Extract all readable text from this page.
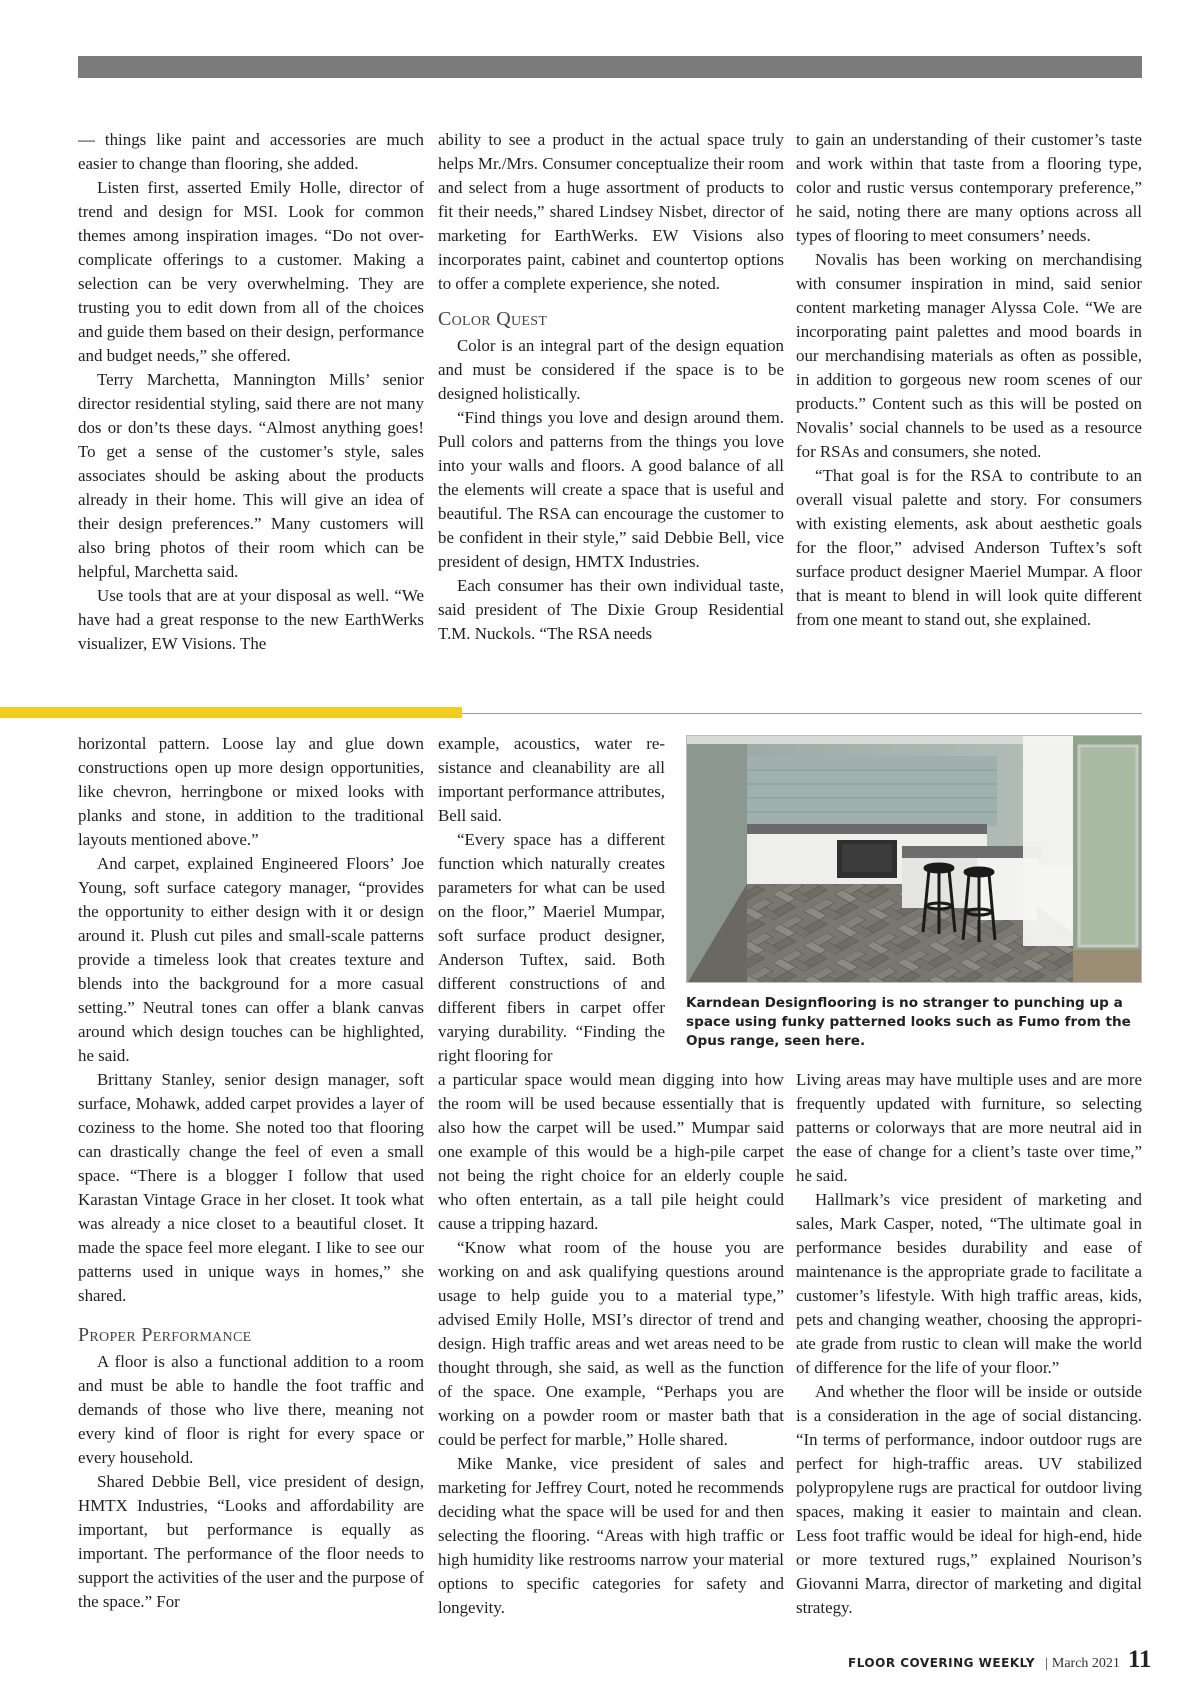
— things like paint and accessories are much easier to change than flooring, she added.

Listen first, asserted Emily Holle, director of trend and design for MSI. Look for common themes among inspiration images. “Do not over-complicate offerings to a customer. Making a selection can be very overwhelming. They are trusting you to edit down from all of the choices and guide them based on their design, performance and budget needs,” she offered.

Terry Marchetta, Mannington Mills’ senior director residential styling, said there are not many dos or don’ts these days. “Almost anything goes! To get a sense of the customer’s style, sales associates should be asking about the products already in their home. This will give an idea of their design preferences.” Many customers will also bring photos of their room which can be helpful, Marchetta said.

Use tools that are at your disposal as well. “We have had a great response to the new EarthWerks visualizer, EW Visions. The

ability to see a product in the actual space truly helps Mr./Mrs. Consumer conceptualize their room and select from a huge assortment of products to fit their needs,” shared Lindsey Nisbet, director of marketing for EarthWerks. EW Visions also incorporates paint, cabinet and countertop options to offer a complete experience, she noted.

Color Quest

Color is an integral part of the design equation and must be considered if the space is to be designed holistically.

“Find things you love and design around them. Pull colors and patterns from the things you love into your walls and floors. A good balance of all the elements will create a space that is useful and beautiful. The RSA can encourage the customer to be confident in their style,” said Debbie Bell, vice president of design, HMTX Industries.

Each consumer has their own individual taste, said president of The Dixie Group Residential T.M. Nuckols. “The RSA needs

to gain an understanding of their customer’s taste and work within that taste from a flooring type, color and rustic versus contemporary preference,” he said, noting there are many options across all types of flooring to meet consumers’ needs.

Novalis has been working on merchandising with consumer inspiration in mind, said senior content marketing manager Alyssa Cole. “We are incorporating paint palettes and mood boards in our merchandising materials as often as possible, in addition to gorgeous new room scenes of our products.” Content such as this will be posted on Novalis’ social channels to be used as a resource for RSAs and consumers, she noted.

“That goal is for the RSA to contribute to an overall visual palette and story. For consumers with existing elements, ask about aesthetic goals for the floor,” advised Anderson Tuftex’s soft surface product designer Maeriel Mumpar. A floor that is meant to blend in will look quite different from one meant to stand out, she explained.

horizontal pattern. Loose lay and glue down constructions open up more design opportunities, like chevron, herringbone or mixed looks with planks and stone, in addition to the traditional layouts mentioned above.”

And carpet, explained Engineered Floors’ Joe Young, soft surface category manager, “provides the opportunity to either design with it or design around it. Plush cut piles and small-scale patterns provide a timeless look that creates texture and blends into the background for a more casual setting.” Neutral tones can offer a blank canvas around which design touches can be highlighted, he said.

Brittany Stanley, senior design manager, soft surface, Mohawk, added carpet provides a layer of coziness to the home. She noted too that flooring can drastically change the feel of even a small space. “There is a blogger I follow that used Karastan Vintage Grace in her closet. It took what was already a nice closet to a beautiful closet. It made the space feel more elegant. I like to see our patterns used in unique ways in homes,” she shared.

Proper Performance

A floor is also a functional addition to a room and must be able to handle the foot traffic and demands of those who live there, meaning not every kind of floor is right for every space or every household.

Shared Debbie Bell, vice president of design, HMTX Industries, “Looks and affordability are important, but performance is equally as important. The performance of the floor needs to support the activities of the user and the purpose of the space.” For

example, acoustics, water resistance and cleanability are all important performance attributes, Bell said.

“Every space has a different function which naturally creates parameters for what can be used on the floor,” Maeriel Mumpar, soft surface product designer, Anderson Tuftex, said. Both different constructions of and different fibers in carpet offer varying durability. “Finding the right flooring for

a particular space would mean digging into how the room will be used because essentially that is also how the carpet will be used.” Mumpar said one example of this would be a high-pile carpet not being the right choice for an elderly couple who often entertain, as a tall pile height could cause a tripping hazard.

“Know what room of the house you are working on and ask qualifying questions around usage to help guide you to a material type,” advised Emily Holle, MSI’s director of trend and design. High traffic areas and wet areas need to be thought through, she said, as well as the function of the space. One example, “Perhaps you are working on a powder room or master bath that could be perfect for marble,” Holle shared.

Mike Manke, vice president of sales and marketing for Jeffrey Court, noted he recommends deciding what the space will be used for and then selecting the flooring. “Areas with high traffic or high humidity like restrooms narrow your material options to specific categories for safety and longevity.

Living areas may have multiple uses and are more frequently updated with furniture, so selecting patterns or colorways that are more neutral aid in the ease of change for a client’s taste over time,” he said.

Hallmark’s vice president of marketing and sales, Mark Casper, noted, “The ultimate goal in performance besides durability and ease of maintenance is the appropriate grade to facilitate a customer’s lifestyle. With high traffic areas, kids, pets and changing weather, choosing the appropriate grade from rustic to clean will make the world of difference for the life of your floor.”

And whether the floor will be inside or outside is a consideration in the age of social distancing. “In terms of performance, indoor outdoor rugs are perfect for high-traffic areas. UV stabilized polypropylene rugs are practical for outdoor living spaces, making it easier to maintain and clean. Less foot traffic would be ideal for high-end, hide or more textured rugs,” explained Nourison’s Giovanni Marra, director of marketing and digital strategy.

Karndean Designflooring is no stranger to punching up a space using funky patterned looks such as Fumo from the Opus range, seen here.
FLOOR COVERING WEEKLY | March 2021 11
